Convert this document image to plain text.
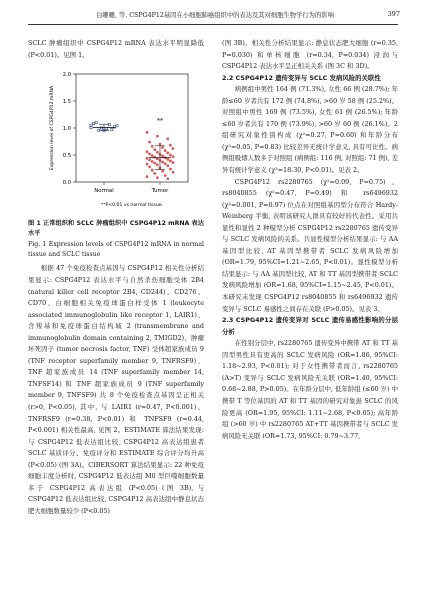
白雕雕, 等. CSPG4P12基因在小细胞肺癌组织中的表达及其对细胞生物学行为的影响	397

SCLC 肿瘤组织中 CSPG4P12 mRNA 表达水平明显降低 (P<0.01)。见图 1。

2.0
1.5
1.0
0.5
0.0
Expression level of CSPG4P12 mRNA
Normal	Tumor
**P<0.01 vs normal tissue.
**

图 1 正常组织和 SCLC 肿瘤组织中 CSPG4P12 mRNA 表达水平

Fig. 1 Expression levels of CSPG4P12 mRNA in normal tissue and SCLC tissue

根据 47 个免疫检查点基因与 CSPG4P12 相关性分析结果显示: CSPG4P12 表达水平与自然杀伤细胞受体 2B4 (natural killer cell receptor 2B4, CD244)、CD276、CD70、白细胞相关免疫球蛋白样受体 1 (leukocyte associated immunoglobulin like receptor 1, LAIR1)、含羧基和免疫球蛋白结构域 2 (transmembrane and immunoglobulin domain containing 2, TMIGD2)、肿瘤坏死因子 (tumor necrosis factor, TNF) 受体超家族成员 9 (TNF receptor superfamily member 9, TNFRSF9)、TNF 超家族成员 14 (TNF superfamily member 14, TNFSF14) 和 TNF 超家族成员 9 (TNF superfamily member 9, TNFSF9) 共 8 个免疫检查点基因呈正相关 (r>0, P<0.05), 其中, 与 LAIR1 (r=0.47, P<0.001)、TNFRSF9 (r=0.38, P<0.01) 和 TNFSF9 (r=0.44, P<0.001) 相关性最高, 见图 2。ESTIMATE 算法结果发现: 与 CSPG4P12 低表达组比较, CSPG4P12 高表达组患者 SCLC 基质评分、免疫评分和 ESTIMATE 综合评分均升高 (P<0.05) (图 3A)。CIBERSORT 算法结果显示: 22 种免疫细胞丰度分析时, CSPG4P12 低表达组 M0 型巨噬细胞数量多于 CSPG4P12 高表达组 (P<0.05) (图 3B), 与 CSPG4P12 低表达组比较, CSPG4P12 高表达组中静息状态肥大细胞数量较少 (P<0.05)

(图 3B)。相关性分析结果显示: 静息状态肥大细胞 (r=0.35, P=0.030) 和单核细胞 (r=0.34, P=0.034) 浸润与 CSPG4P12 表达水平呈正相关关系 (图 3C 和 3D)。

2.2 CSPG4P12 遗传变异与 SCLC 发病风险的关联性

病例组中男性 164 例 (71.3%), 女性 66 例 (28.7%); 年龄≤60 岁者共有 172 例 (74.8%), >60 岁 58 例 (25.2%)。对照组中男性 169 例 (73.5%), 女性 61 例 (26.5%); 年龄≤60 岁者共有 170 例 (73.9%), >60 岁 60 例 (26.1%)。2 组研究对象性别构成 (χ²=0.27, P=0.60) 和年龄分布 (χ²=0.05, P=0.83) 比较差异无统计学意义, 具有可比性。病例组吸烟人数多于对照组 (病例组: 116 例, 对照组: 71 例), 差异有统计学意义 (χ²=18.30, P<0.01)。见表 2。

CSPG4P12 rs2280765 (χ²=0.09, P=0.75)、rs8040855 (χ²=0.47, P=0.49) 和 rs6496932 (χ²=0.001, P=0.97) 位点在对照组基因型分布符合 Hardy-Weinberg 平衡, 表明该研究人群具有较好的代表性。采用共显性和显性 2 种模型分析 CSPG4P12 rs2280765 遗传变异与 SCLC 发病风险的关系。共显性模型分析结果显示: 与 AA 基因型比较, AT 基因型携带者 SCLC 发病风险增加 (OR=1.79, 95%CI=1.21~2.65, P<0.01)。显性模型分析结果显示: 与 AA 基因型比较, AT 和 TT 基因型携带者 SCLC 发病风险增加 (OR=1.68, 95%CI=1.15~2.45, P<0.01)。本研究未发现 CSPG4P12 rs8040855 和 rs6496932 遗传变异与 SCLC 易感性之间存在关联 (P>0.05)。见表 3。

2.3 CSPG4P12 遗传变异对 SCLC 遗传易感性影响的分层分析

在性别分层中, rs2280765 遗传变异中携带 AT 和 TT 基因型男性具有更高的 SCLC 发病风险 (OR=1.86, 95%CI: 1.18~2.93, P<0.01); 对于女性携带者而言, rs2280765 (A>T) 变异与 SCLC 发病风险无关联 (OR=1.40, 95%CI: 0.68~2.88, P>0.05)。在年龄分层中, 低年龄组 (≤60 岁) 中携带 T 等位基因的 AT 和 TT 基因的研究对象患 SCLC 的风险更高 (OR=1.95, 95%CI: 1.11~2.68, P<0.05); 高年龄组 (>60 岁) 中 rs2280765 AT+TT 基因携带者与 SCLC 发病风险无关联 (OR=1.73, 95%CI: 0.79~3.77,
